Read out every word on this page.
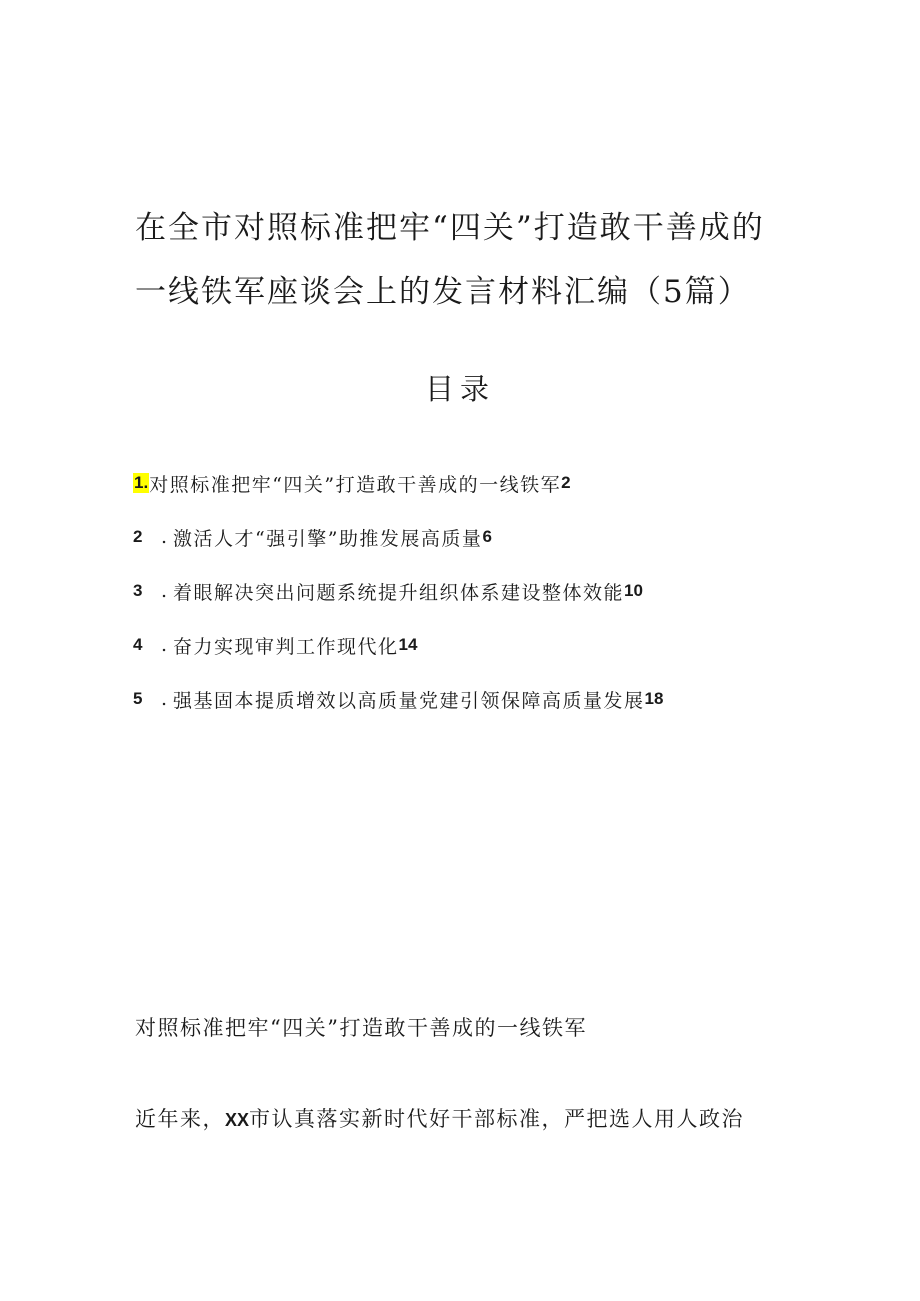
在全市对照标准把牢“四关”打造敢干善成的
一线铁军座谈会上的发言材料汇编（5篇）
目录
1. 对照标准把牢“四关”打造敢干善成的一线铁军 2
2 . 激活人才“强引擎”助推发展高质量 6
3 . 着眼解决突出问题系统提升组织体系建设整体效能 10
4 . 奋力实现审判工作现代化 14
5 . 强基固本提质增效以高质量党建引领保障高质量发展 18
对照标准把牢“四关”打造敢干善成的一线铁军
近年来，XX市认真落实新时代好干部标准，严把选人用人政治
